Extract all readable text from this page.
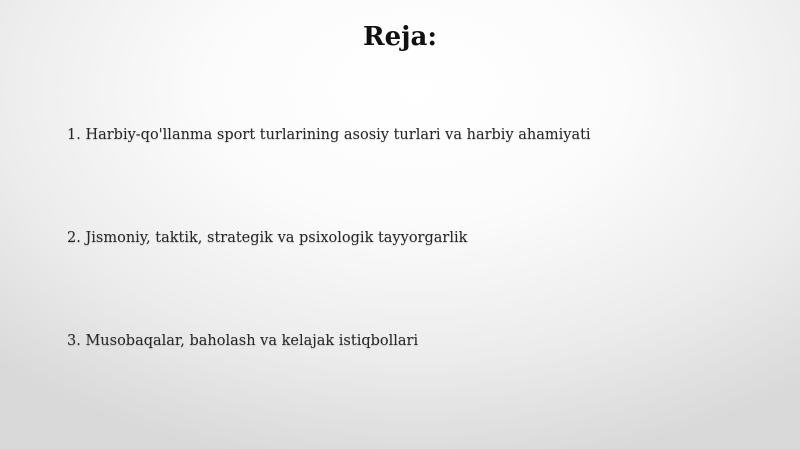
Reja:
1. Harbiy-qo'llanma sport turlarining asosiy turlari va harbiy ahamiyati
2. Jismoniy, taktik, strategik va psixologik tayyorgarlik
3. Musobaqalar, baholash va kelajak istiqbollari
